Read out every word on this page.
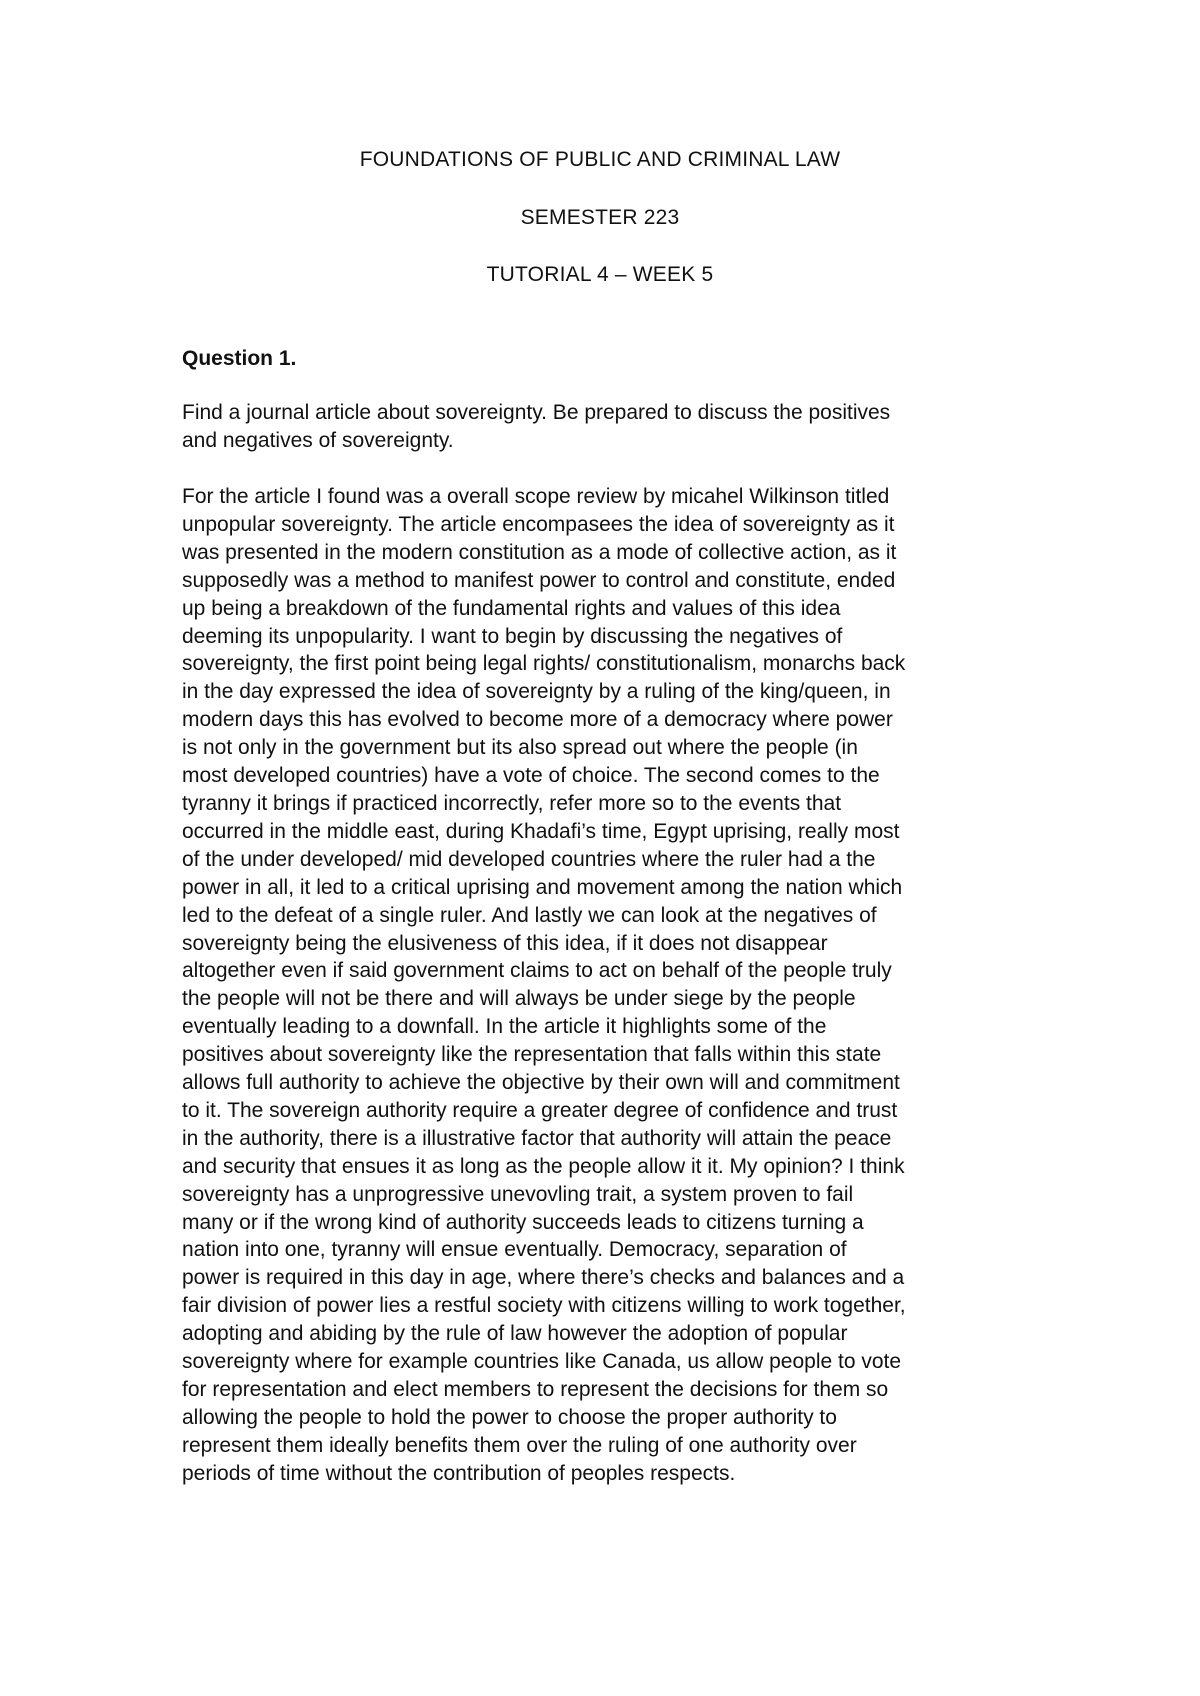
FOUNDATIONS OF PUBLIC AND CRIMINAL LAW
SEMESTER 223
TUTORIAL 4 – WEEK 5
Question 1.

Find a journal article about sovereignty. Be prepared to discuss the positives
and negatives of sovereignty.

For the article I found was a overall scope review by micahel Wilkinson titled
unpopular sovereignty. The article encompasees the idea of sovereignty as it
was presented in the modern constitution as a mode of collective action, as it
supposedly was a method to manifest power to control and constitute, ended
up being a breakdown of the fundamental rights and values of this idea
deeming its unpopularity. I want to begin by discussing the negatives of
sovereignty, the first point being legal rights/ constitutionalism, monarchs back
in the day expressed the idea of sovereignty by a ruling of the king/queen, in
modern days this has evolved to become more of a democracy where power
is not only in the government but its also spread out where the people (in
most developed countries) have a vote of choice. The second comes to the
tyranny it brings if practiced incorrectly, refer more so to the events that
occurred in the middle east, during Khadafi’s time, Egypt uprising, really most
of the under developed/ mid developed countries where the ruler had a the
power in all, it led to a critical uprising and movement among the nation which
led to the defeat of a single ruler. And lastly we can look at the negatives of
sovereignty being the elusiveness of this idea, if it does not disappear
altogether even if said government claims to act on behalf of the people truly
the people will not be there and will always be under siege by the people
eventually leading to a downfall. In the article it highlights some of the
positives about sovereignty like the representation that falls within this state
allows full authority to achieve the objective by their own will and commitment
to it. The sovereign authority require a greater degree of confidence and trust
in the authority, there is a illustrative factor that authority will attain the peace
and security that ensues it as long as the people allow it it. My opinion? I think
sovereignty has a unprogressive unevovling trait, a system proven to fail
many or if the wrong kind of authority succeeds leads to citizens turning a
nation into one, tyranny will ensue eventually. Democracy, separation of
power is required in this day in age, where there’s checks and balances and a
fair division of power lies a restful society with citizens willing to work together,
adopting and abiding by the rule of law however the adoption of popular
sovereignty where for example countries like Canada, us allow people to vote
for representation and elect members to represent the decisions for them so
allowing the people to hold the power to choose the proper authority to
represent them ideally benefits them over the ruling of one authority over
periods of time without the contribution of peoples respects.
